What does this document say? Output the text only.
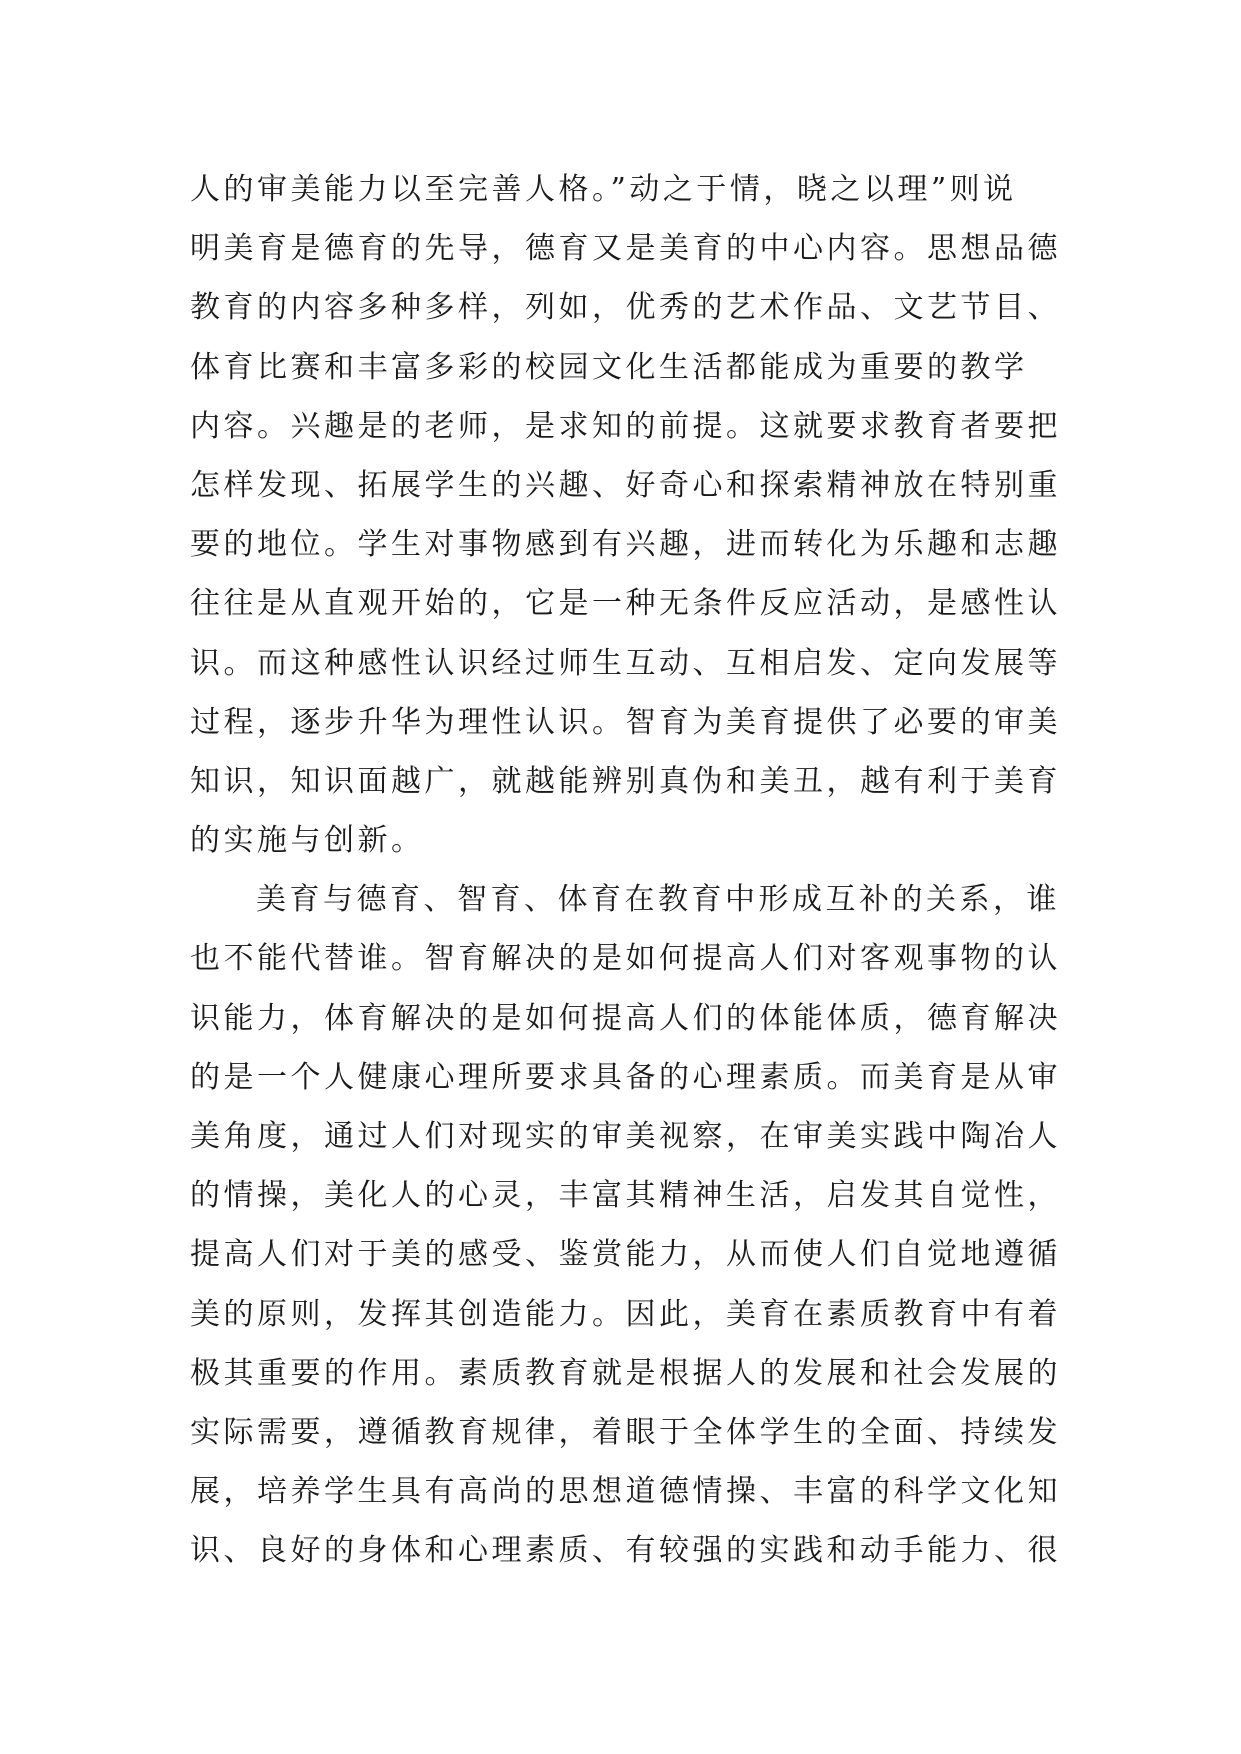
人的审美能力以至完善人格。”动之于情，晓之以理”则说
明美育是德育的先导，德育又是美育的中心内容。思想品德
教育的内容多种多样，列如，优秀的艺术作品、文艺节目、
体育比赛和丰富多彩的校园文化生活都能成为重要的教学
内容。兴趣是的老师，是求知的前提。这就要求教育者要把
怎样发现、拓展学生的兴趣、好奇心和探索精神放在特别重
要的地位。学生对事物感到有兴趣，进而转化为乐趣和志趣
往往是从直观开始的，它是一种无条件反应活动，是感性认
识。而这种感性认识经过师生互动、互相启发、定向发展等
过程，逐步升华为理性认识。智育为美育提供了必要的审美
知识，知识面越广，就越能辨别真伪和美丑，越有利于美育
的实施与创新。
美育与德育、智育、体育在教育中形成互补的关系，谁
也不能代替谁。智育解决的是如何提高人们对客观事物的认
识能力，体育解决的是如何提高人们的体能体质，德育解决
的是一个人健康心理所要求具备的心理素质。而美育是从审
美角度，通过人们对现实的审美视察，在审美实践中陶冶人
的情操，美化人的心灵，丰富其精神生活，启发其自觉性，
提高人们对于美的感受、鉴赏能力，从而使人们自觉地遵循
美的原则，发挥其创造能力。因此，美育在素质教育中有着
极其重要的作用。素质教育就是根据人的发展和社会发展的
实际需要，遵循教育规律，着眼于全体学生的全面、持续发
展，培养学生具有高尚的思想道德情操、丰富的科学文化知
识、良好的身体和心理素质、有较强的实践和动手能力、很
